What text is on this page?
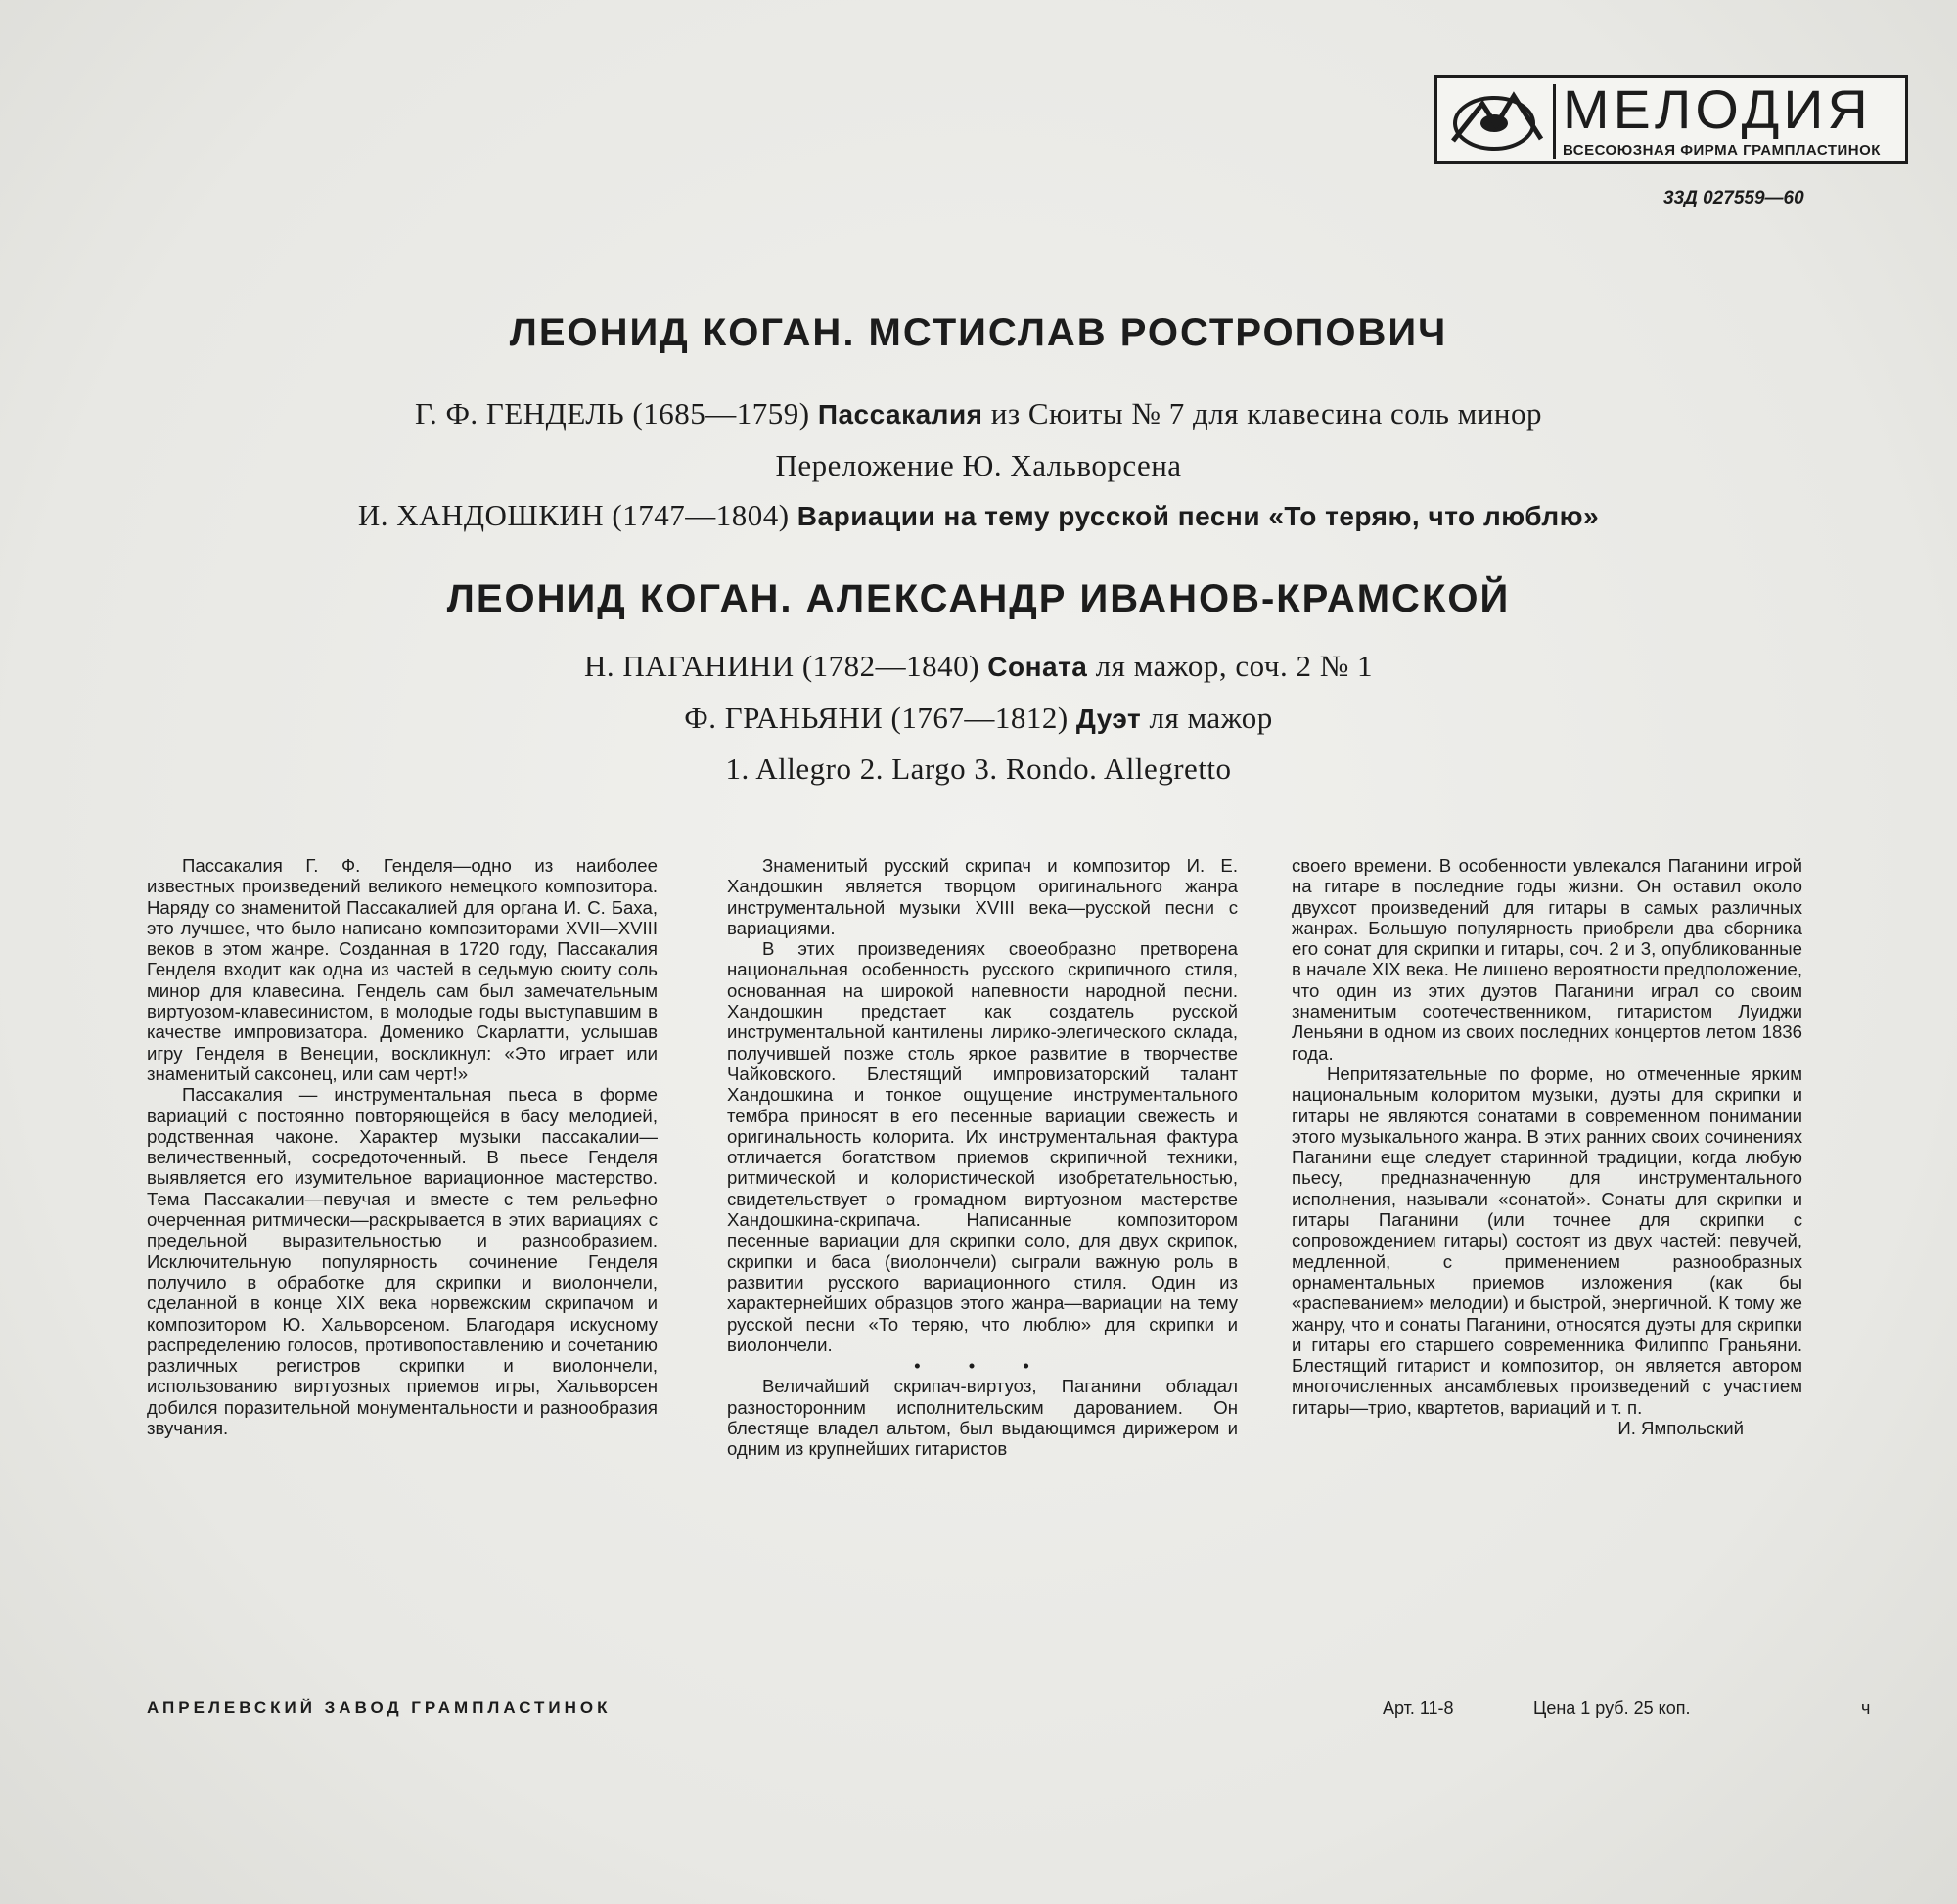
МЕЛОДИЯ
ВСЕСОЮЗНАЯ ФИРМА ГРАМПЛАСТИНОК
33Д 027559—60
ЛЕОНИД КОГАН. МСТИСЛАВ РОСТРОПОВИЧ
Г. Ф. ГЕНДЕЛЬ (1685—1759) Пассакалия из Сюиты № 7 для клавесина соль минор
Переложение Ю. Хальворсена
И. ХАНДОШКИН (1747—1804) Вариации на тему русской песни «То теряю, что люблю»
ЛЕОНИД КОГАН. АЛЕКСАНДР ИВАНОВ-КРАМСКОЙ
Н. ПАГАНИНИ (1782—1840) Соната ля мажор, соч. 2 № 1
Ф. ГРАНЬЯНИ (1767—1812) Дуэт ля мажор
1. Allegro 2. Largo 3. Rondo. Allegretto

Пассакалия Г. Ф. Генделя—одно из наиболее известных произведений великого немецкого композитора. Наряду со знаменитой Пассакалией для органа И. С. Баха, это лучшее, что было написано композиторами XVII—XVIII веков в этом жанре. Созданная в 1720 году, Пассакалия Генделя входит как одна из частей в седьмую сюиту соль минор для клавесина. Гендель сам был замечательным виртуозом-клавесинистом, в молодые годы выступавшим в качестве импровизатора. Доменико Скарлатти, услышав игру Генделя в Венеции, воскликнул: «Это играет или знаменитый саксонец, или сам черт!»

Пассакалия — инструментальная пьеса в форме вариаций с постоянно повторяющейся в басу мелодией, родственная чаконе. Характер музыки пассакалии—величественный, сосредоточенный. В пьесе Генделя выявляется его изумительное вариационное мастерство. Тема Пассакалии—певучая и вместе с тем рельефно очерченная ритмически—раскрывается в этих вариациях с предельной выразительностью и разнообразием. Исключительную популярность сочинение Генделя получило в обработке для скрипки и виолончели, сделанной в конце XIX века норвежским скрипачом и композитором Ю. Хальворсеном. Благодаря искусному распределению голосов, противопоставлению и сочетанию различных регистров скрипки и виолончели, использованию виртуозных приемов игры, Хальворсен добился поразительной монументальности и разнообразия звучания.

Знаменитый русский скрипач и композитор И. Е. Хандошкин является творцом оригинального жанра инструментальной музыки XVIII века—русской песни с вариациями.

В этих произведениях своеобразно претворена национальная особенность русского скрипичного стиля, основанная на широкой напевности народной песни. Хандошкин предстает как создатель русской инструментальной кантилены лирико-элегического склада, получившей позже столь яркое развитие в творчестве Чайковского. Блестящий импровизаторский талант Хандошкина и тонкое ощущение инструментального тембра приносят в его песенные вариации свежесть и оригинальность колорита. Их инструментальная фактура отличается богатством приемов скрипичной техники, ритмической и колористической изобретательностью, свидетельствует о громадном виртуозном мастерстве Хандошкина-скрипача. Написанные композитором песенные вариации для скрипки соло, для двух скрипок, скрипки и баса (виолончели) сыграли важную роль в развитии русского вариационного стиля. Один из характернейших образцов этого жанра—вариации на тему русской песни «То теряю, что люблю» для скрипки и виолончели.

• • •

Величайший скрипач-виртуоз, Паганини обладал разносторонним исполнительским дарованием. Он блестяще владел альтом, был выдающимся дирижером и одним из крупнейших гитаристов

своего времени. В особенности увлекался Паганини игрой на гитаре в последние годы жизни. Он оставил около двухсот произведений для гитары в самых различных жанрах. Большую популярность приобрели два сборника его сонат для скрипки и гитары, соч. 2 и 3, опубликованные в начале XIX века. Не лишено вероятности предположение, что один из этих дуэтов Паганини играл со своим знаменитым соотечественником, гитаристом Луиджи Леньяни в одном из своих последних концертов летом 1836 года.

Непритязательные по форме, но отмеченные ярким национальным колоритом музыки, дуэты для скрипки и гитары не являются сонатами в современном понимании этого музыкального жанра. В этих ранних своих сочинениях Паганини еще следует старинной традиции, когда любую пьесу, предназначенную для инструментального исполнения, называли «сонатой». Сонаты для скрипки и гитары Паганини (или точнее для скрипки с сопровождением гитары) состоят из двух частей: певучей, медленной, с применением разнообразных орнаментальных приемов изложения (как бы «распеванием» мелодии) и быстрой, энергичной. К тому же жанру, что и сонаты Паганини, относятся дуэты для скрипки и гитары его старшего современника Филиппо Граньяни. Блестящий гитарист и композитор, он является автором многочисленных ансамблевых произведений с участием гитары—трио, квартетов, вариаций и т. п.

И. Ямпольский

АПРЕЛЕВСКИЙ ЗАВОД ГРАМПЛАСТИНОК	Арт. 11-8	Цена 1 руб. 25 коп.	ч
